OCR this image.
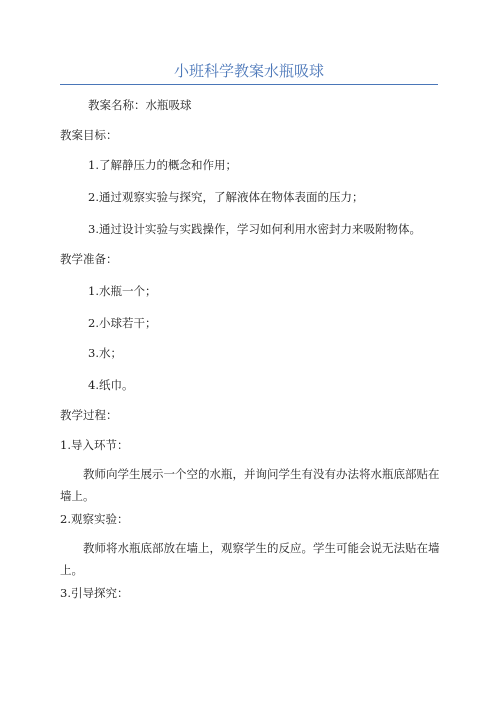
小班科学教案水瓶吸球
教案名称：水瓶吸球
教案目标：
1.了解静压力的概念和作用；
2.通过观察实验与探究，了解液体在物体表面的压力；
3.通过设计实验与实践操作，学习如何利用水密封力来吸附物体。
教学准备：
1.水瓶一个；
2.小球若干；
3.水；
4.纸巾。
教学过程：
1.导入环节：
教师向学生展示一个空的水瓶，并询问学生有没有办法将水瓶底部贴在墙上。
2.观察实验：
教师将水瓶底部放在墙上，观察学生的反应。学生可能会说无法贴在墙上。
3.引导探究：
